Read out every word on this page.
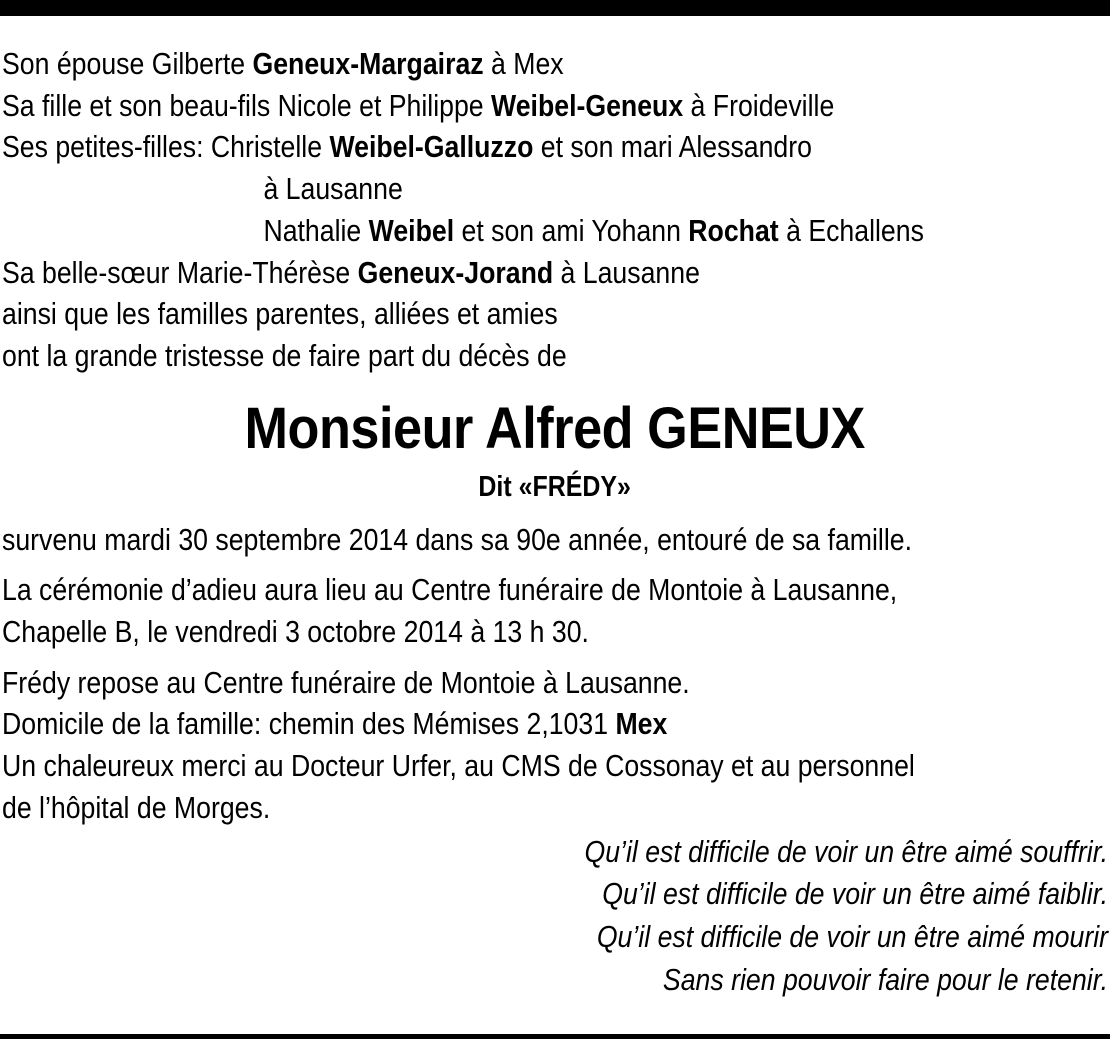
Son épouse Gilberte Geneux-Margairaz à Mex
Sa fille et son beau-fils Nicole et Philippe Weibel-Geneux à Froideville
Ses petites-filles: Christelle Weibel-Galluzzo et son mari Alessandro
à Lausanne
Nathalie Weibel et son ami Yohann Rochat à Echallens
Sa belle-sœur Marie-Thérèse Geneux-Jorand à Lausanne
ainsi que les familles parentes, alliées et amies
ont la grande tristesse de faire part du décès de
Monsieur Alfred GENEUX
Dit «FRÉDY»
survenu mardi 30 septembre 2014 dans sa 90e année, entouré de sa famille.
La cérémonie d’adieu aura lieu au Centre funéraire de Montoie à Lausanne,
Chapelle B, le vendredi 3 octobre 2014 à 13 h 30.
Frédy repose au Centre funéraire de Montoie à Lausanne.
Domicile de la famille: chemin des Mémises 2,1031 Mex
Un chaleureux merci au Docteur Urfer, au CMS de Cossonay et au personnel
de l’hôpital de Morges.
Qu’il est difficile de voir un être aimé souffrir.
Qu’il est difficile de voir un être aimé faiblir.
Qu’il est difficile de voir un être aimé mourir
Sans rien pouvoir faire pour le retenir.
